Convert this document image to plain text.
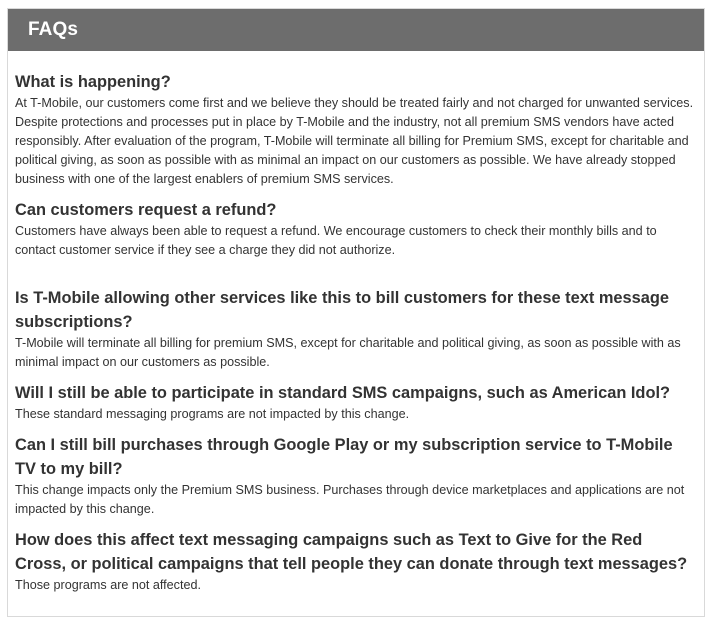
FAQs
What is happening?

At T-Mobile, our customers come first and we believe they should be treated fairly and not charged for unwanted services. Despite protections and processes put in place by T-Mobile and the industry, not all premium SMS vendors have acted responsibly. After evaluation of the program, T-Mobile will terminate all billing for Premium SMS, except for charitable and political giving, as soon as possible with as minimal an impact on our customers as possible. We have already stopped business with one of the largest enablers of premium SMS services.

Can customers request a refund?

Customers have always been able to request a refund. We encourage customers to check their monthly bills and to contact customer service if they see a charge they did not authorize.

Is T-Mobile allowing other services like this to bill customers for these text message subscriptions?

T-Mobile will terminate all billing for premium SMS, except for charitable and political giving, as soon as possible with as minimal impact on our customers as possible.

Will I still be able to participate in standard SMS campaigns, such as American Idol?

These standard messaging programs are not impacted by this change.

Can I still bill purchases through Google Play or my subscription service to T-Mobile TV to my bill?

This change impacts only the Premium SMS business. Purchases through device marketplaces and applications are not impacted by this change.

How does this affect text messaging campaigns such as Text to Give for the Red Cross, or political campaigns that tell people they can donate through text messages?

Those programs are not affected.
